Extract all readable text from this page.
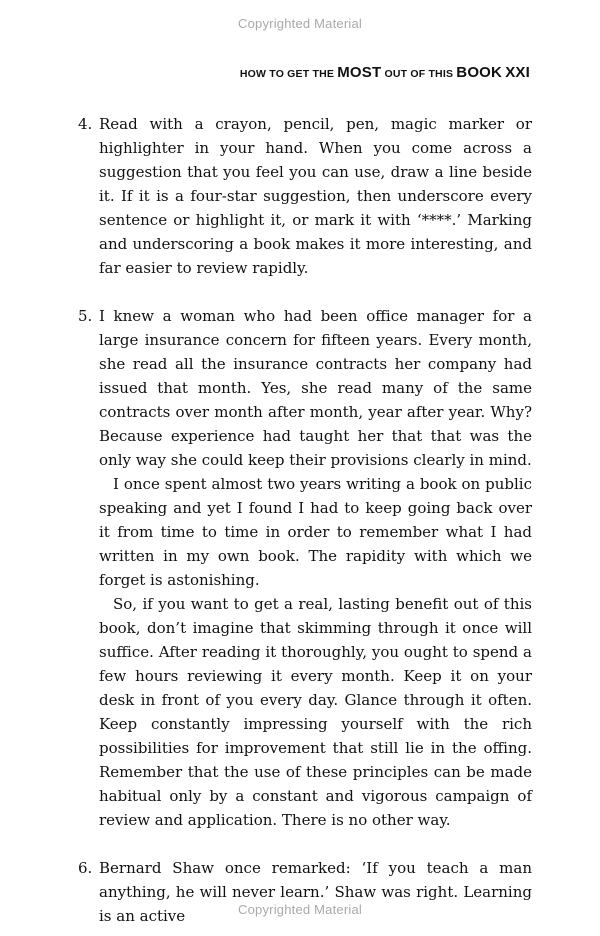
Copyrighted Material
HOW TO GET THE MOST OUT OF THIS BOOK XXI
4. Read with a crayon, pencil, pen, magic marker or highlighter in your hand. When you come across a suggestion that you feel you can use, draw a line beside it. If it is a four-star suggestion, then underscore every sentence or highlight it, or mark it with ‘****.’ Marking and underscoring a book makes it more interesting, and far easier to review rapidly.

5. I knew a woman who had been office manager for a large insurance concern for fifteen years. Every month, she read all the insurance contracts her company had issued that month. Yes, she read many of the same contracts over month after month, year after year. Why? Because experience had taught her that that was the only way she could keep their provisions clearly in mind.

I once spent almost two years writing a book on public speaking and yet I found I had to keep going back over it from time to time in order to remember what I had written in my own book. The rapidity with which we forget is astonishing.

So, if you want to get a real, lasting benefit out of this book, don’t imagine that skimming through it once will suffice. After reading it thoroughly, you ought to spend a few hours reviewing it every month. Keep it on your desk in front of you every day. Glance through it often. Keep constantly impressing yourself with the rich possibilities for improvement that still lie in the offing. Remember that the use of these principles can be made habitual only by a constant and vigorous campaign of review and application. There is no other way.

6. Bernard Shaw once remarked: ‘If you teach a man anything, he will never learn.’ Shaw was right. Learning is an active	Copyrighted Material
